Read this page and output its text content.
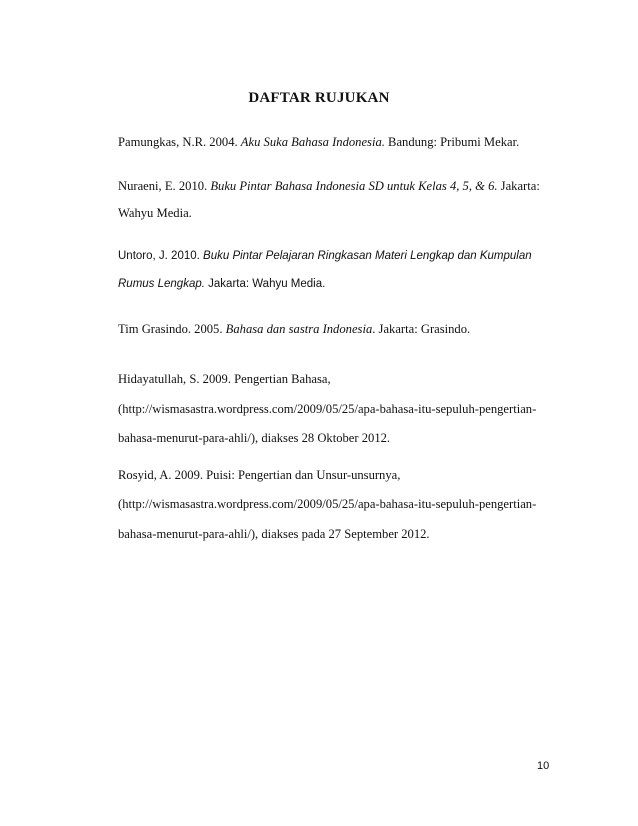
DAFTAR RUJUKAN
Pamungkas, N.R. 2004. Aku Suka Bahasa Indonesia. Bandung: Pribumi Mekar.
Nuraeni, E. 2010. Buku Pintar Bahasa Indonesia SD untuk Kelas 4, 5, & 6. Jakarta:
Wahyu Media.
Untoro, J. 2010. Buku Pintar Pelajaran Ringkasan Materi Lengkap dan Kumpulan
Rumus Lengkap. Jakarta: Wahyu Media.
Tim Grasindo. 2005. Bahasa dan sastra Indonesia. Jakarta: Grasindo.
Hidayatullah, S. 2009. Pengertian Bahasa,
(http://wismasastra.wordpress.com/2009/05/25/apa-bahasa-itu-sepuluh-pengertian-
bahasa-menurut-para-ahli/), diakses 28 Oktober 2012.
Rosyid, A. 2009. Puisi: Pengertian dan Unsur-unsurnya,
(http://wismasastra.wordpress.com/2009/05/25/apa-bahasa-itu-sepuluh-pengertian-
bahasa-menurut-para-ahli/), diakses pada 27 September 2012.
10
